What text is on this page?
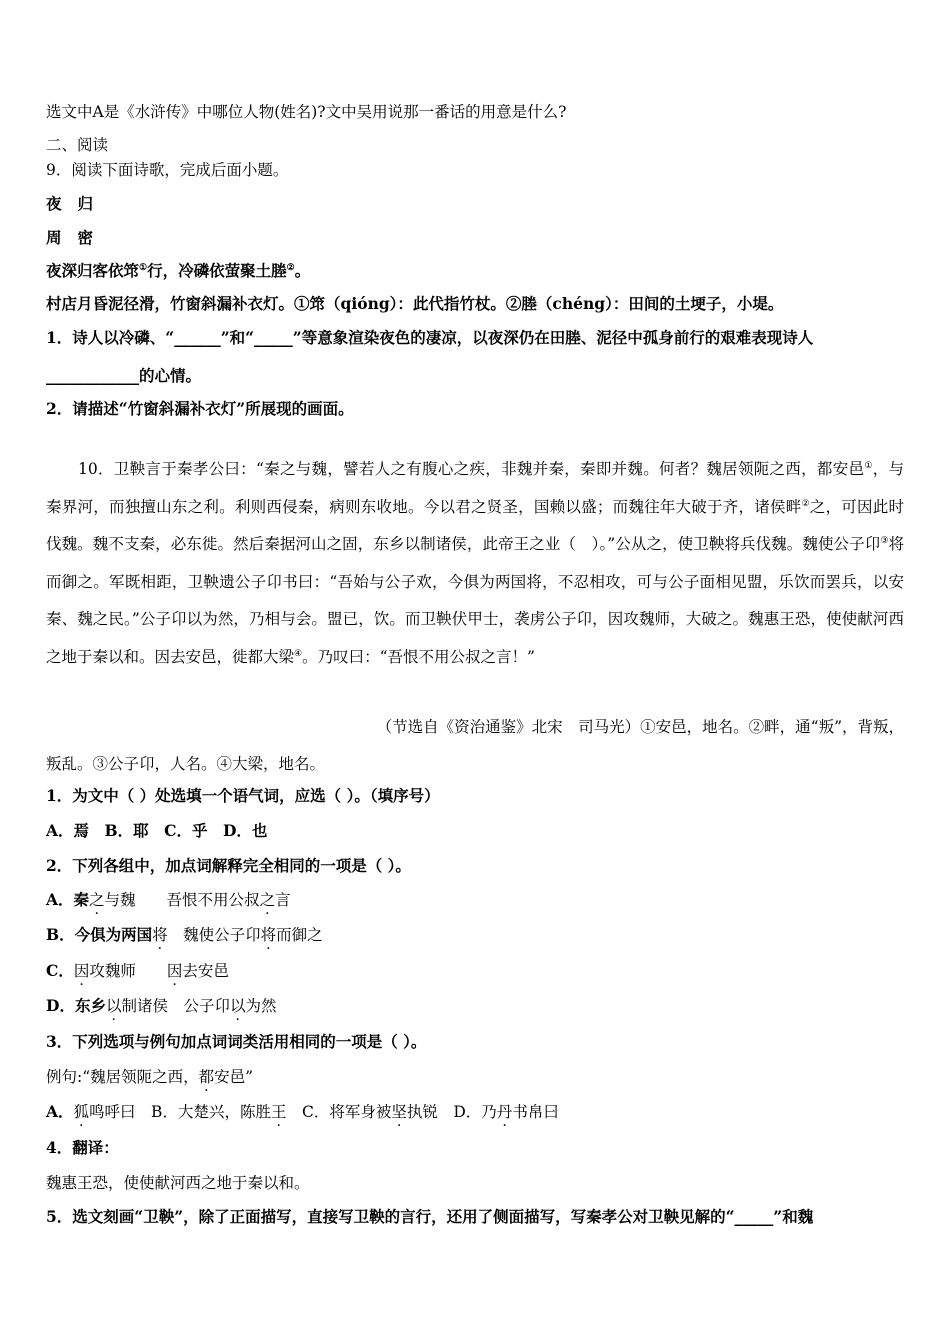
选文中A是《水浒传》中哪位人物(姓名)?文中吴用说那一番话的用意是什么?
二、阅读
9．阅读下面诗歌，完成后面小题。
夜归
周密
夜深归客依筇①行，冷磷依萤聚土塍②。
村店月昏泥径滑，竹窗斜漏补衣灯。①筇（qióng）：此代指竹杖。②塍（chéng）：田间的土埂子，小堤。
1．诗人以冷磷、“______”和“_____”等意象渲染夜色的凄凉，以夜深仍在田塍、泥径中孤身前行的艰难表现诗人
____________的心情。
2．请描述“竹窗斜漏补衣灯”所展现的画面。
10．卫鞅言于秦孝公曰：“秦之与魏，譬若人之有腹心之疾，非魏并秦，秦即并魏。何者？魏居领阨之西，都安邑①，与秦界河，而独擅山东之利。利则西侵秦，病则东收地。今以君之贤圣，国赖以盛；而魏往年大破于齐，诸侯畔②之，可因此时伐魏。魏不支秦，必东徙。然后秦据河山之固，东乡以制诸侯，此帝王之业（　）。”公从之，使卫鞅将兵伐魏。魏使公子卬③将而御之。军既相距，卫鞅遗公子卬书曰：“吾始与公子欢，今俱为两国将，不忍相攻，可与公子面相见盟，乐饮而罢兵，以安秦、魏之民。”公子卬以为然，乃相与会。盟已，饮。而卫鞅伏甲士，袭虏公子卬，因攻魏师，大破之。魏惠王恐，使使献河西之地于秦以和。因去安邑，徙都大梁④。乃叹曰：“吾恨不用公叔之言！”
（节选自《资治通鉴》北宋　司马光）①安邑，地名。②畔，通“叛”，背叛，
叛乱。③公子卬，人名。④大梁，地名。
1．为文中（ ）处选填一个语气词，应选（ ）。（填序号）
A．焉　B．耶　C．乎　D．也
2．下列各组中，加点词解释完全相同的一项是（ ）。
A．秦之与魏　　吾恨不用公叔之言
B．今俱为两国将　魏使公子卬将而御之
C．因攻魏师　　因去安邑
D．东乡以制诸侯　公子卬以为然
3．下列选项与例句加点词词类活用相同的一项是（ ）。
例句:“魏居领阨之西，都安邑”
A．狐鸣呼曰　B．大楚兴，陈胜王　C．将军身被坚执锐　D．乃丹书帛曰
4．翻译：
魏惠王恐，使使献河西之地于秦以和。
5．选文刻画“卫鞅”，除了正面描写，直接写卫鞅的言行，还用了侧面描写，写秦孝公对卫鞅见解的“_____”和魏
